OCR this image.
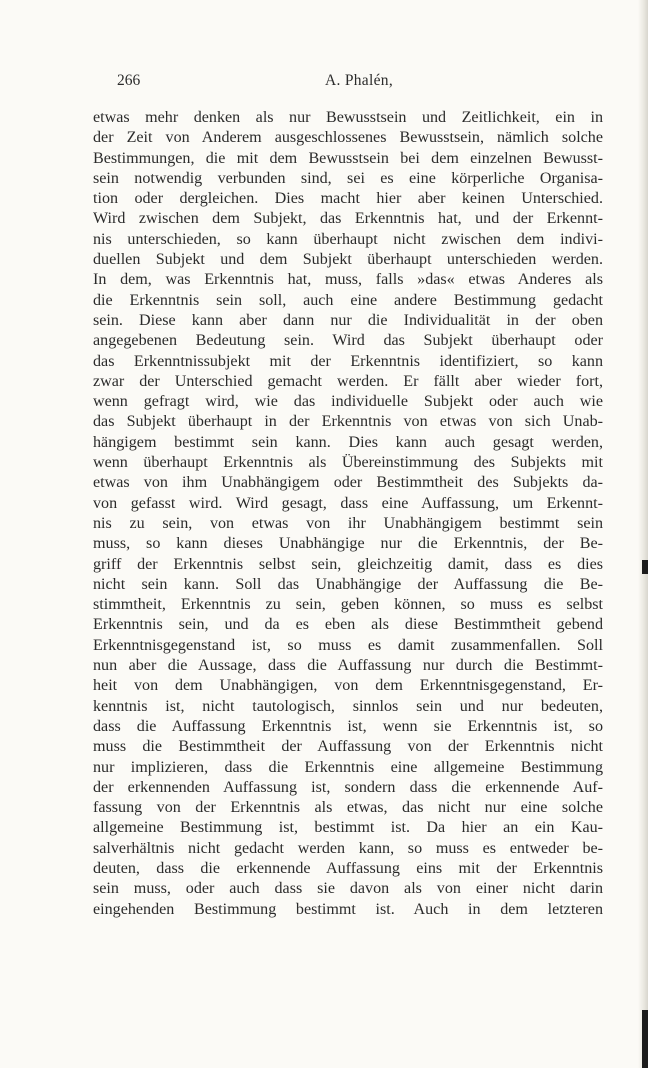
266	A. Phalén,
etwas mehr denken als nur Bewusstsein und Zeitlichkeit, ein in
der Zeit von Anderem ausgeschlossenes Bewusstsein, nämlich solche
Bestimmungen, die mit dem Bewusstsein bei dem einzelnen Bewusst-
sein notwendig verbunden sind, sei es eine körperliche Organisa-
tion oder dergleichen. Dies macht hier aber keinen Unterschied.
Wird zwischen dem Subjekt, das Erkenntnis hat, und der Erkennt-
nis unterschieden, so kann überhaupt nicht zwischen dem indivi-
duellen Subjekt und dem Subjekt überhaupt unterschieden werden.
In dem, was Erkenntnis hat, muss, falls »das« etwas Anderes als
die Erkenntnis sein soll, auch eine andere Bestimmung gedacht
sein. Diese kann aber dann nur die Individualität in der oben
angegebenen Bedeutung sein. Wird das Subjekt überhaupt oder
das Erkenntnissubjekt mit der Erkenntnis identifiziert, so kann
zwar der Unterschied gemacht werden. Er fällt aber wieder fort,
wenn gefragt wird, wie das individuelle Subjekt oder auch wie
das Subjekt überhaupt in der Erkenntnis von etwas von sich Unab-
hängigem bestimmt sein kann. Dies kann auch gesagt werden,
wenn überhaupt Erkenntnis als Übereinstimmung des Subjekts mit
etwas von ihm Unabhängigem oder Bestimmtheit des Subjekts da-
von gefasst wird. Wird gesagt, dass eine Auffassung, um Erkennt-
nis zu sein, von etwas von ihr Unabhängigem bestimmt sein
muss, so kann dieses Unabhängige nur die Erkenntnis, der Be-
griff der Erkenntnis selbst sein, gleichzeitig damit, dass es dies
nicht sein kann. Soll das Unabhängige der Auffassung die Be-
stimmtheit, Erkenntnis zu sein, geben können, so muss es selbst
Erkenntnis sein, und da es eben als diese Bestimmtheit gebend
Erkenntnisgegenstand ist, so muss es damit zusammenfallen. Soll
nun aber die Aussage, dass die Auffassung nur durch die Bestimmt-
heit von dem Unabhängigen, von dem Erkenntnisgegenstand, Er-
kenntnis ist, nicht tautologisch, sinnlos sein und nur bedeuten,
dass die Auffassung Erkenntnis ist, wenn sie Erkenntnis ist, so
muss die Bestimmtheit der Auffassung von der Erkenntnis nicht
nur implizieren, dass die Erkenntnis eine allgemeine Bestimmung
der erkennenden Auffassung ist, sondern dass die erkennende Auf-
fassung von der Erkenntnis als etwas, das nicht nur eine solche
allgemeine Bestimmung ist, bestimmt ist. Da hier an ein Kau-
salverhältnis nicht gedacht werden kann, so muss es entweder be-
deuten, dass die erkennende Auffassung eins mit der Erkenntnis
sein muss, oder auch dass sie davon als von einer nicht darin
eingehenden Bestimmung bestimmt ist. Auch in dem letzteren
